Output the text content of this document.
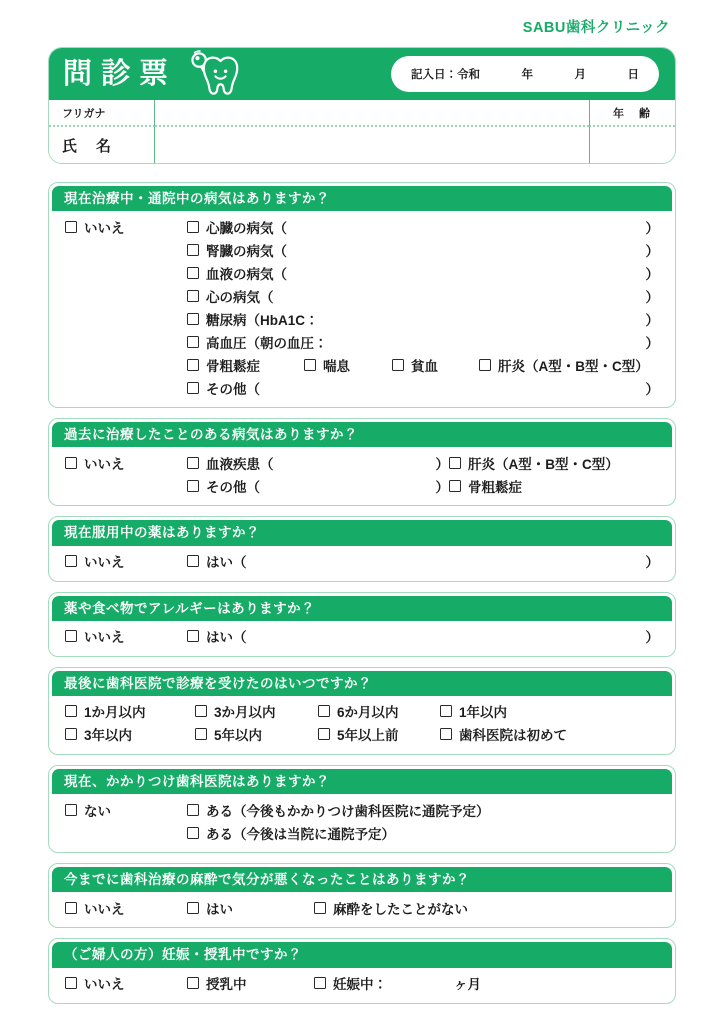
SABU歯科クリニック
問診票	記入日：令和	年	月	日
フリガナ	年　齢
氏　名
現在治療中・通院中の病気はありますか？
いいえ	心臓の病気（	）
腎臓の病気（	）
血液の病気（	）
心の病気（	）
糖尿病（HbA1C：	）
高血圧（朝の血圧：	）
骨粗鬆症	喘息	貧血	肝炎（A型・B型・C型）
その他（	）
過去に治療したことのある病気はありますか？
いいえ	血液疾患（	） 肝炎（A型・B型・C型）
その他（	） 骨粗鬆症
現在服用中の薬はありますか？
いいえ	はい（	）
薬や食べ物でアレルギーはありますか？
いいえ	はい（	）
最後に歯科医院で診療を受けたのはいつですか？
1か月以内	3か月以内	6か月以内	1年以内
3年以内	5年以内	5年以上前	歯科医院は初めて
現在、かかりつけ歯科医院はありますか？
ない	ある（今後もかかりつけ歯科医院に通院予定）
ある（今後は当院に通院予定）
今までに歯科治療の麻酔で気分が悪くなったことはありますか？
いいえ	はい	麻酔をしたことがない
（ご婦人の方）妊娠・授乳中ですか？
いいえ	授乳中	妊娠中：	ヶ月
